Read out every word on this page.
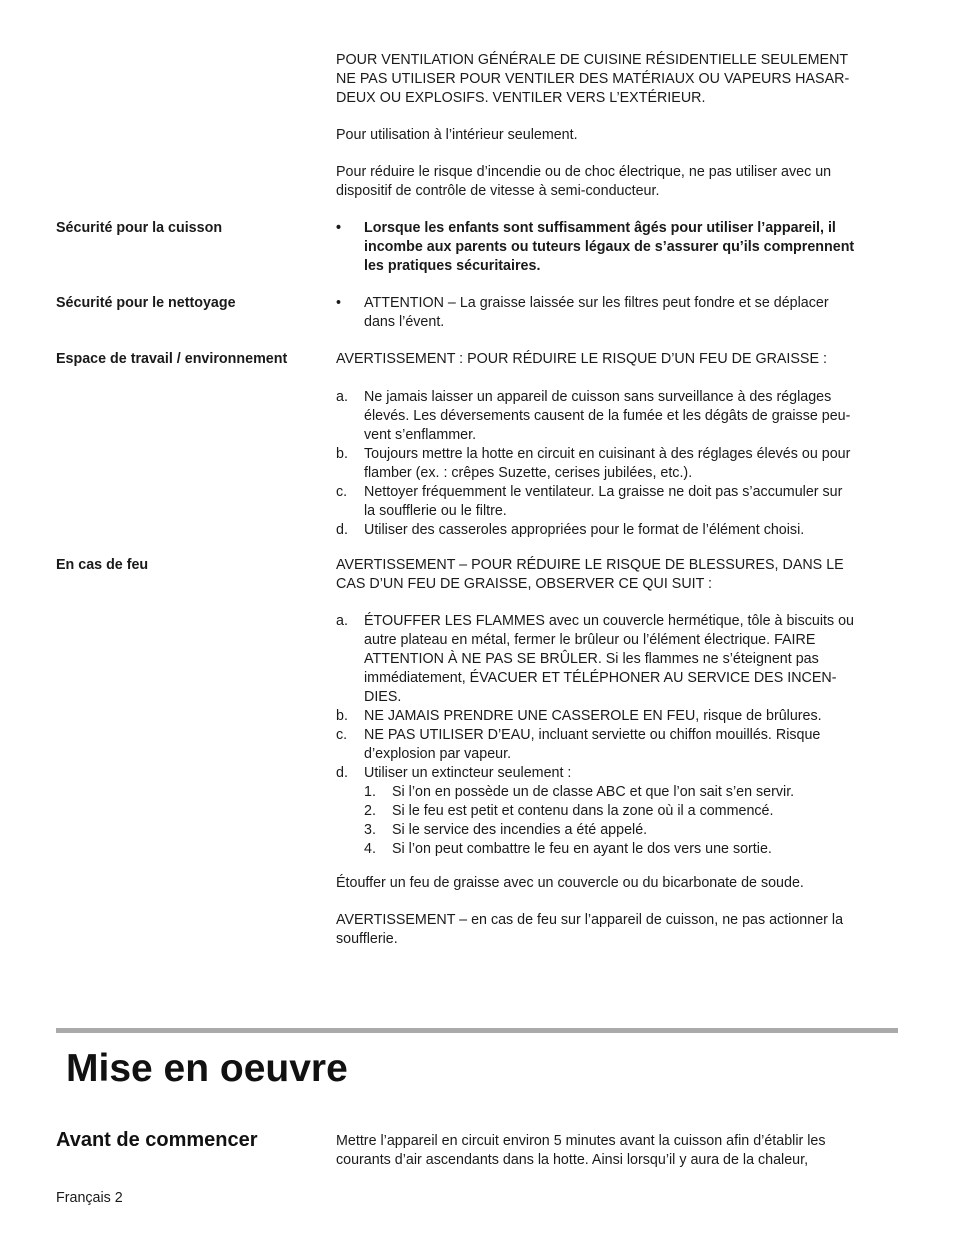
POUR VENTILATION GÉNÉRALE DE CUISINE RÉSIDENTIELLE SEULEMENT

NE PAS UTILISER POUR VENTILER DES MATÉRIAUX OU VAPEURS HASAR-

DEUX OU EXPLOSIFS. VENTILER VERS L’EXTÉRIEUR.

Pour utilisation à l’intérieur seulement.

Pour réduire le risque d’incendie ou de choc électrique, ne pas utiliser avec un

dispositif de contrôle de vitesse à semi-conducteur.

Sécurité pour la cuisson	• Lorsque les enfants sont suffisamment âgés pour utiliser l’appareil, il

incombe aux parents ou tuteurs légaux de s’assurer qu’ils comprennent

les pratiques sécuritaires.

Sécurité pour le nettoyage	• ATTENTION – La graisse laissée sur les filtres peut fondre et se déplacer

dans l’évent.

Espace de travail / environnement	AVERTISSEMENT : POUR RÉDUIRE LE RISQUE D’UN FEU DE GRAISSE :

a. Ne jamais laisser un appareil de cuisson sans surveillance à des réglages

élevés. Les déversements causent de la fumée et les dégâts de graisse peu-

vent s’enflammer.

b. Toujours mettre la hotte en circuit en cuisinant à des réglages élevés ou pour

flamber (ex. : crêpes Suzette, cerises jubilées, etc.).

c. Nettoyer fréquemment le ventilateur. La graisse ne doit pas s’accumuler sur

la soufflerie ou le filtre.

d. Utiliser des casseroles appropriées pour le format de l’élément choisi.

En cas de feu	AVERTISSEMENT – POUR RÉDUIRE LE RISQUE DE BLESSURES, DANS LE

CAS D’UN FEU DE GRAISSE, OBSERVER CE QUI SUIT :

a. ÉTOUFFER LES FLAMMES avec un couvercle hermétique, tôle à biscuits ou

autre plateau en métal, fermer le brûleur ou l’élément électrique. FAIRE

ATTENTION À NE PAS SE BRÛLER. Si les flammes ne s’éteignent pas

immédiatement, ÉVACUER ET TÉLÉPHONER AU SERVICE DES INCEN-

DIES.

b. NE JAMAIS PRENDRE UNE CASSEROLE EN FEU, risque de brûlures.

c. NE PAS UTILISER D’EAU, incluant serviette ou chiffon mouillés. Risque

d’explosion par vapeur.

d. Utiliser un extincteur seulement :

1. Si l’on en possède un de classe ABC et que l’on sait s’en servir.

2. Si le feu est petit et contenu dans la zone où il a commencé.

3. Si le service des incendies a été appelé.

4. Si l’on peut combattre le feu en ayant le dos vers une sortie.

Étouffer un feu de graisse avec un couvercle ou du bicarbonate de soude.

AVERTISSEMENT – en cas de feu sur l’appareil de cuisson, ne pas actionner la

soufflerie.

Mise en oeuvre
Avant de commencer	Mettre l’appareil en circuit environ 5 minutes avant la cuisson afin d’établir les

courants d’air ascendants dans la hotte. Ainsi lorsqu’il y aura de la chaleur,

Français 2
